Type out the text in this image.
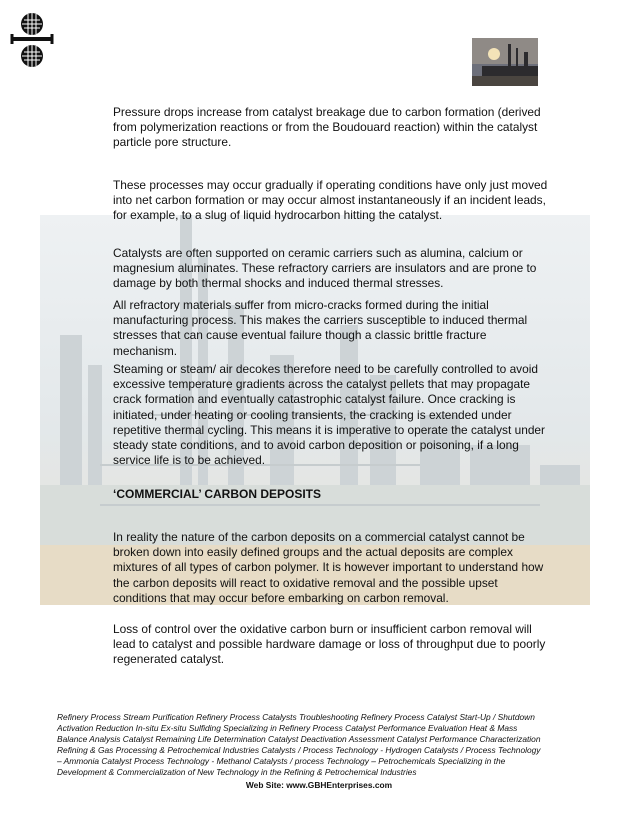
Pressure drops increase from catalyst breakage due to carbon formation (derived from polymerization reactions or from the Boudouard reaction) within the catalyst particle pore structure.

These processes may occur gradually if operating conditions have only just moved into net carbon formation or may occur almost instantaneously if an incident leads, for example, to a slug of liquid hydrocarbon hitting the catalyst.

Catalysts are often supported on ceramic carriers such as alumina, calcium or magnesium aluminates. These refractory carriers are insulators and are prone to damage by both thermal shocks and induced thermal stresses.

All refractory materials suffer from micro-cracks formed during the initial manufacturing process. This makes the carriers susceptible to induced thermal stresses that can cause eventual failure though a classic brittle fracture mechanism.

Steaming or steam/ air decokes therefore need to be carefully controlled to avoid excessive temperature gradients across the catalyst pellets that may propagate crack formation and eventually catastrophic catalyst failure. Once cracking is initiated, under heating or cooling transients, the cracking is extended under repetitive thermal cycling. This means it is imperative to operate the catalyst under steady state conditions, and to avoid carbon deposition or poisoning, if a long service life is to be achieved.

‘COMMERCIAL’ CARBON DEPOSITS

In reality the nature of the carbon deposits on a commercial catalyst cannot be broken down into easily defined groups and the actual deposits are complex mixtures of all types of carbon polymer. It is however important to understand how the carbon deposits will react to oxidative removal and the possible upset conditions that may occur before embarking on carbon removal.

Loss of control over the oxidative carbon burn or insufficient carbon removal will lead to catalyst and possible hardware damage or loss of throughput due to poorly regenerated catalyst.

Refinery Process Stream Purification Refinery Process Catalysts Troubleshooting Refinery Process Catalyst Start-Up / Shutdown Activation Reduction In-situ Ex-situ Sulfiding Specializing in Refinery Process Catalyst Performance Evaluation Heat & Mass Balance Analysis Catalyst Remaining Life Determination Catalyst Deactivation Assessment Catalyst Performance Characterization Refining & Gas Processing & Petrochemical Industries Catalysts / Process Technology - Hydrogen Catalysts / Process Technology – Ammonia Catalyst Process Technology - Methanol Catalysts / process Technology – Petrochemicals Specializing in the Development & Commercialization of New Technology in the Refining & Petrochemical Industries

Web Site: www.GBHEnterprises.com
